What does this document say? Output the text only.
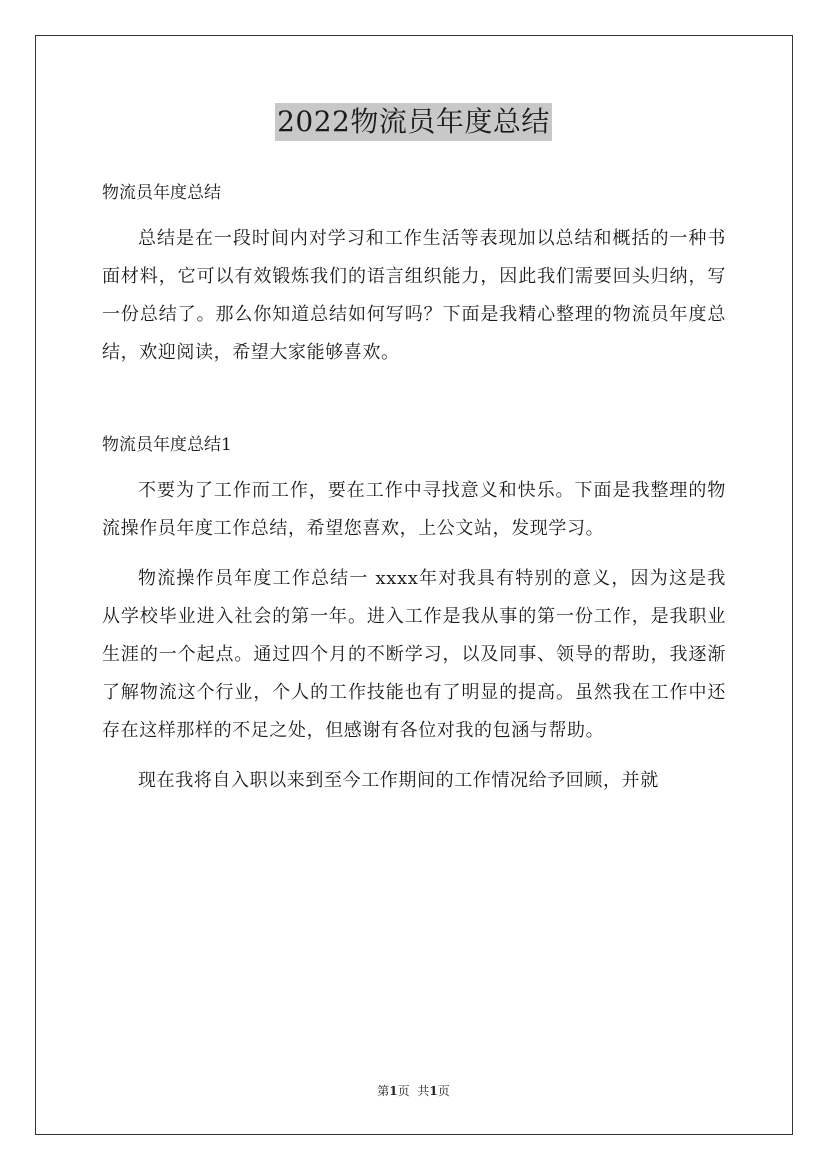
2022物流员年度总结

物流员年度总结

总结是在一段时间内对学习和工作生活等表现加以总结和概括的一种书面材料，它可以有效锻炼我们的语言组织能力，因此我们需要回头归纳，写一份总结了。那么你知道总结如何写吗？下面是我精心整理的物流员年度总结，欢迎阅读，希望大家能够喜欢。

物流员年度总结1

不要为了工作而工作，要在工作中寻找意义和快乐。下面是我整理的物流操作员年度工作总结，希望您喜欢，上公文站，发现学习。

物流操作员年度工作总结一 xxxx年对我具有特别的意义，因为这是我从学校毕业进入社会的第一年。进入工作是我从事的第一份工作，是我职业生涯的一个起点。通过四个月的不断学习，以及同事、领导的帮助，我逐渐了解物流这个行业，个人的工作技能也有了明显的提高。虽然我在工作中还存在这样那样的不足之处，但感谢有各位对我的包涵与帮助。

现在我将自入职以来到至今工作期间的工作情况给予回顾，并就

第1页 共1页
